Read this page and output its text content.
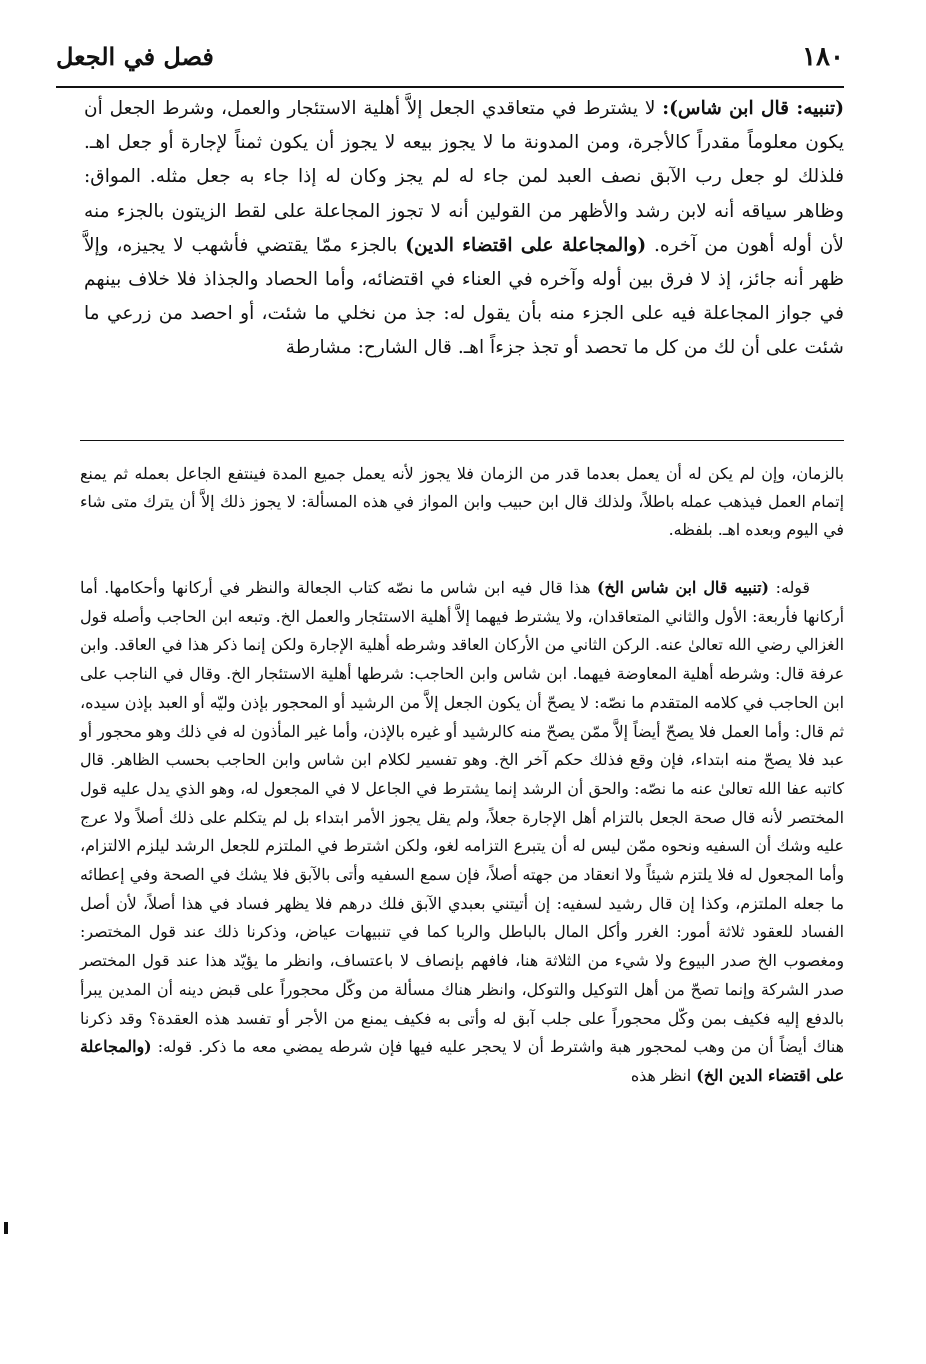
١٨٠
فصل في الجعل

(تنبيه: قال ابن شاس): لا يشترط في متعاقدي الجعل إلاَّ أهلية الاستئجار والعمل، وشرط الجعل أن يكون معلوماً مقدراً كالأجرة، ومن المدونة ما لا يجوز بيعه لا يجوز أن يكون ثمناً لإجارة أو جعل اهـ. فلذلك لو جعل رب الآبق نصف العبد لمن جاء له لم يجز وكان له إذا جاء به جعل مثله. المواق: وظاهر سياقه أنه لابن رشد والأظهر من القولين أنه لا تجوز المجاعلة على لقط الزيتون بالجزء منه لأن أوله أهون من آخره. (والمجاعلة على اقتضاء الدين) بالجزء ممّا يقتضي فأشهب لا يجيزه، وإلاَّ ظهر أنه جائز، إذ لا فرق بين أوله وآخره في العناء في اقتضائه، وأما الحصاد والجذاذ فلا خلاف بينهم في جواز المجاعلة فيه على الجزء منه بأن يقول له: جذ من نخلي ما شئت، أو احصد من زرعي ما شئت على أن لك من كل ما تحصد أو تجذ جزءاً اهـ. قال الشارح: مشارطة

بالزمان، وإن لم يكن له أن يعمل بعدما قدر من الزمان فلا يجوز لأنه يعمل جميع المدة فينتفع الجاعل بعمله ثم يمنع إتمام العمل فيذهب عمله باطلاً، ولذلك قال ابن حبيب وابن المواز في هذه المسألة: لا يجوز ذلك إلاَّ أن يترك متى شاء في اليوم وبعده اهـ. بلفظه.

قوله: (تنبيه قال ابن شاس الخ) هذا قال فيه ابن شاس ما نصّه كتاب الجعالة والنظر في أركانها وأحكامها. أما أركانها فأربعة: الأول والثاني المتعاقدان، ولا يشترط فيهما إلاَّ أهلية الاستئجار والعمل الخ. وتبعه ابن الحاجب وأصله قول الغزالي رضي الله تعالىٰ عنه. الركن الثاني من الأركان العاقد وشرطه أهلية الإجارة ولكن إنما ذكر هذا في العاقد. وابن عرفة قال: وشرطه أهلية المعاوضة فيهما. ابن شاس وابن الحاجب: شرطها أهلية الاستئجار الخ. وقال في الناجب على ابن الحاجب في كلامه المتقدم ما نصّه: لا يصحّ أن يكون الجعل إلاَّ من الرشيد أو المحجور بإذن وليّه أو العبد بإذن سيده، ثم قال: وأما العمل فلا يصحّ أيضاً إلاَّ ممّن يصحّ منه كالرشيد أو غيره بالإذن، وأما غير المأذون له في ذلك وهو محجور أو عبد فلا يصحّ منه ابتداء، فإن وقع فذلك حكم آخر الخ. وهو تفسير لكلام ابن شاس وابن الحاجب بحسب الظاهر. قال كاتبه عفا الله تعالىٰ عنه ما نصّه: والحق أن الرشد إنما يشترط في الجاعل لا في المجعول له، وهو الذي يدل عليه قول المختصر لأنه قال صحة الجعل بالتزام أهل الإجارة جعلاً، ولم يقل يجوز الأمر ابتداء بل لم يتكلم على ذلك أصلاً ولا عرج عليه وشك أن السفيه ونحوه ممّن ليس له أن يتبرع التزامه لغو، ولكن اشترط في الملتزم للجعل الرشد ليلزم الالتزام، وأما المجعول له فلا يلتزم شيئاً ولا انعقاد من جهته أصلاً، فإن سمع السفيه وأتى بالآبق فلا يشك في الصحة وفي إعطائه ما جعله الملتزم، وكذا إن قال رشيد لسفيه: إن أتيتني بعبدي الآبق فلك درهم فلا يظهر فساد في هذا أصلاً، لأن أصل الفساد للعقود ثلاثة أمور: الغرر وأكل المال بالباطل والربا كما في تنبيهات عياض، وذكرنا ذلك عند قول المختصر: ومغصوب الخ صدر البيوع ولا شيء من الثلاثة هنا، فافهم بإنصاف لا باعتساف، وانظر ما يؤيّد هذا عند قول المختصر صدر الشركة وإنما تصحّ من أهل التوكيل والتوكل، وانظر هناك مسألة من وكّل محجوراً على قبض دينه أن المدين يبرأ بالدفع إليه فكيف بمن وكّل محجوراً على جلب آبق له وأتى به فكيف يمنع من الأجر أو تفسد هذه العقدة؟ وقد ذكرنا هناك أيضاً أن من وهب لمحجور هبة واشترط أن لا يحجر عليه فيها فإن شرطه يمضي معه ما ذكر. قوله: (والمجاعلة على اقتضاء الدين الخ) انظر هذه
